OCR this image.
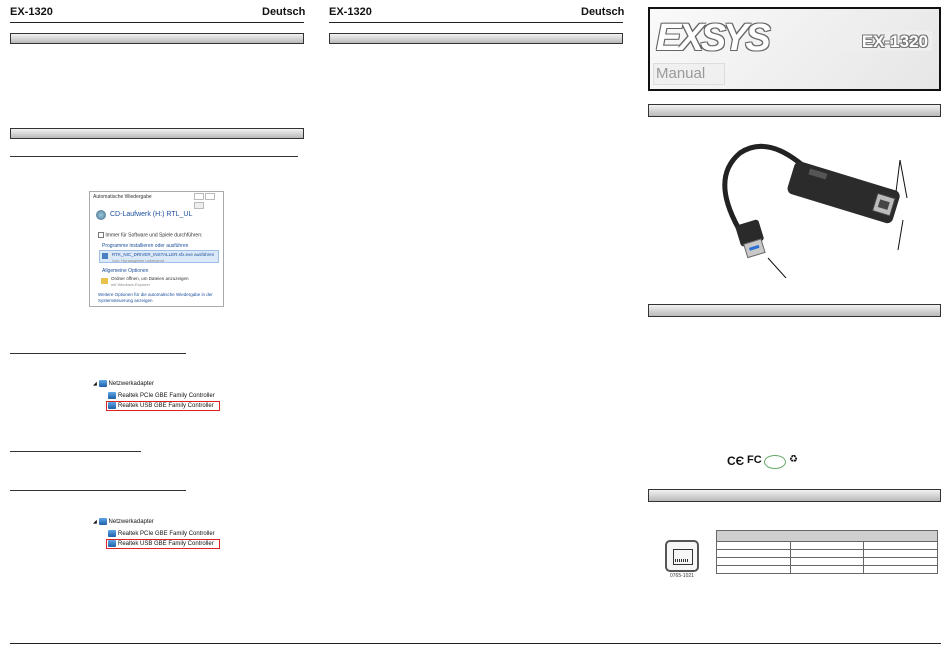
EX-1320	Deutsch
Automatische Wiedergabe

CD-Laufwerk (H:) RTL_UL
Immer für Software und Spiele durchführen:
Programme installieren oder ausführen
RTK_NIC_DRIVER_INSTALLER.sfx.exe ausführen
Von: Herausgeber unbekannt
Allgemeine Optionen
Ordner öffnen, um Dateien anzuzeigen
mit Windows-Explorer
Weitere Optionen für die automatische Wiedergabe in der Systemsteuerung anzeigen
◢ Netzwerkadapter
Realtek PCIe GBE Family Controller
Realtek USB GBE Family Controller
◢ Netzwerkadapter
Realtek PCIe GBE Family Controller
Realtek USB GBE Family Controller
EX-1320	Deutsch
EXSYS	EX-1320
Manual
CЄ FC	♻
0765-1021
